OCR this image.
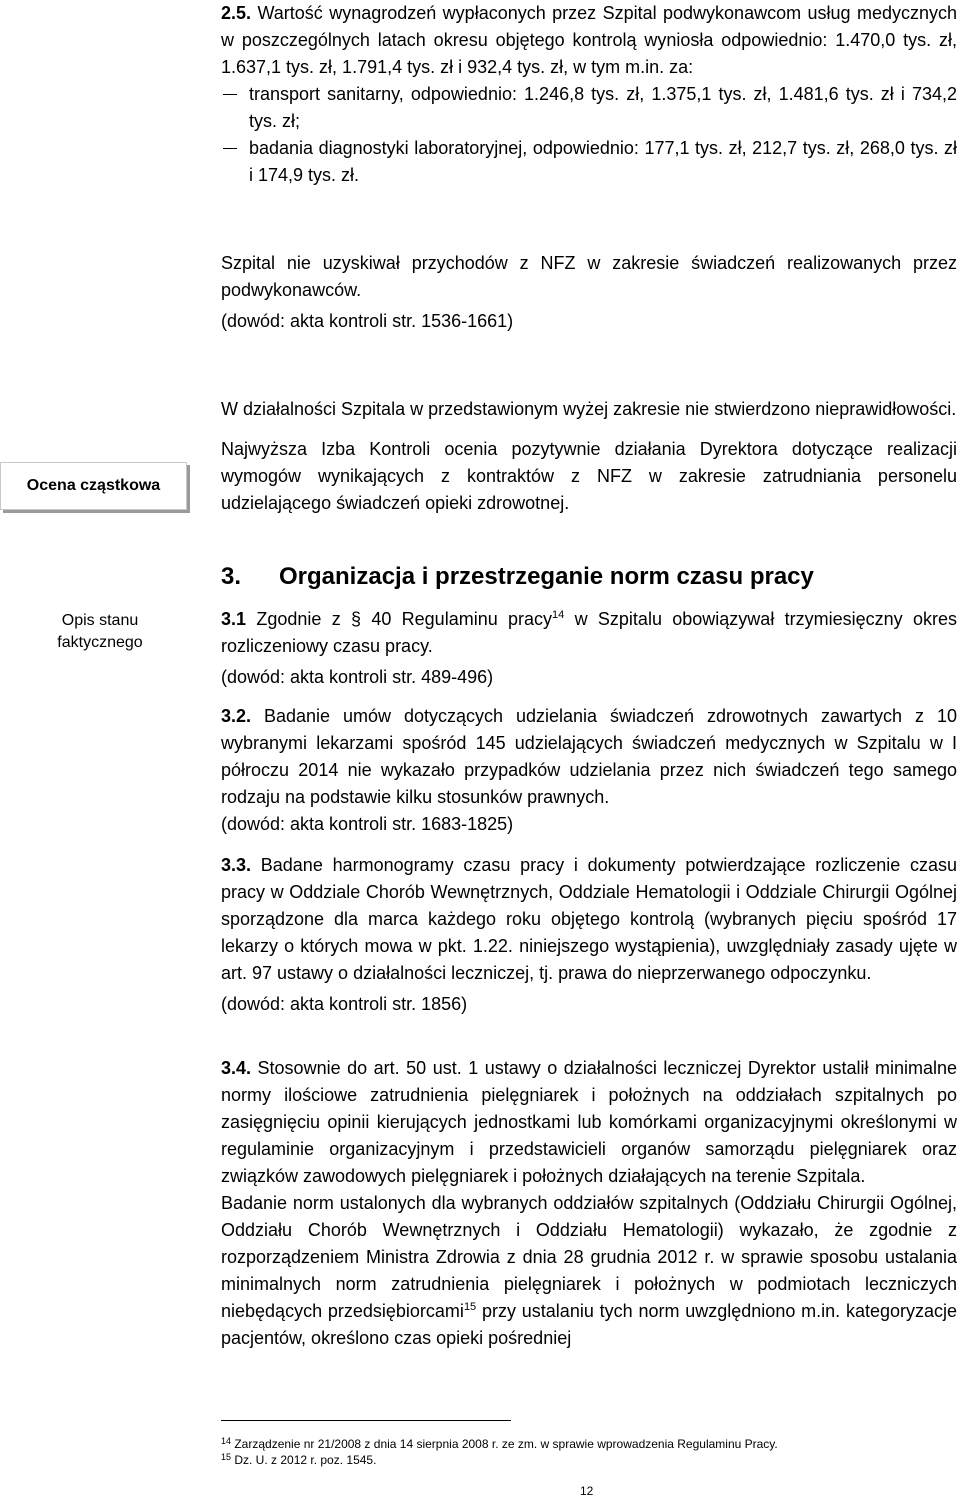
Ocena cząstkowa
Opis stanu
faktycznego

2.5. Wartość wynagrodzeń wypłaconych przez Szpital podwykonawcom usług medycznych w poszczególnych latach okresu objętego kontrolą wyniosła odpowiednio: 1.470,0 tys. zł, 1.637,1 tys. zł, 1.791,4 tys. zł i 932,4 tys. zł, w tym m.in. za:

transport sanitarny, odpowiednio: 1.246,8 tys. zł, 1.375,1 tys. zł, 1.481,6 tys. zł i 734,2 tys. zł;
badania diagnostyki laboratoryjnej, odpowiednio: 177,1 tys. zł, 212,7 tys. zł, 268,0 tys. zł i 174,9 tys. zł.

Szpital nie uzyskiwał przychodów z NFZ w zakresie świadczeń realizowanych przez podwykonawców.

(dowód: akta kontroli str. 1536-1661)

W działalności Szpitala w przedstawionym wyżej zakresie nie stwierdzono nieprawidłowości.

Najwyższa Izba Kontroli ocenia pozytywnie działania Dyrektora dotyczące realizacji wymogów wynikających z kontraktów z NFZ w zakresie zatrudniania personelu udzielającego świadczeń opieki zdrowotnej.

3. Organizacja i przestrzeganie norm czasu pracy

3.1 Zgodnie z § 40 Regulaminu pracy$^{14}$ w Szpitalu obowiązywał trzymiesięczny okres rozliczeniowy czasu pracy.

(dowód: akta kontroli str. 489-496)

3.2. Badanie umów dotyczących udzielania świadczeń zdrowotnych zawartych z 10 wybranymi lekarzami spośród 145 udzielających świadczeń medycznych w Szpitalu w I półroczu 2014 nie wykazało przypadków udzielania przez nich świadczeń tego samego rodzaju na podstawie kilku stosunków prawnych.

(dowód: akta kontroli str. 1683-1825)

3.3. Badane harmonogramy czasu pracy i dokumenty potwierdzające rozliczenie czasu pracy w Oddziale Chorób Wewnętrznych, Oddziale Hematologii i Oddziale Chirurgii Ogólnej sporządzone dla marca każdego roku objętego kontrolą (wybranych pięciu spośród 17 lekarzy o których mowa w pkt. 1.22. niniejszego wystąpienia), uwzględniały zasady ujęte w art. 97 ustawy o działalności leczniczej, tj. prawa do nieprzerwanego odpoczynku.

(dowód: akta kontroli str. 1856)

3.4. Stosownie do art. 50 ust. 1 ustawy o działalności leczniczej Dyrektor ustalił minimalne normy ilościowe zatrudnienia pielęgniarek i położnych na oddziałach szpitalnych po zasięgnięciu opinii kierujących jednostkami lub komórkami organizacyjnymi określonymi w regulaminie organizacyjnym i przedstawicieli organów samorządu pielęgniarek oraz związków zawodowych pielęgniarek i położnych działających na terenie Szpitala.

Badanie norm ustalonych dla wybranych oddziałów szpitalnych (Oddziału Chirurgii Ogólnej, Oddziału Chorób Wewnętrznych i Oddziału Hematologii) wykazało, że zgodnie z rozporządzeniem Ministra Zdrowia z dnia 28 grudnia 2012 r. w sprawie sposobu ustalania minimalnych norm zatrudnienia pielęgniarek i położnych w podmiotach leczniczych niebędących przedsiębiorcami$^{15}$ przy ustalaniu tych norm uwzględniono m.in. kategoryzacje pacjentów, określono czas opieki pośredniej

$^{14}$ Zarządzenie nr 21/2008 z dnia 14 sierpnia 2008 r. ze zm. w sprawie wprowadzenia Regulaminu Pracy.

$^{15}$ Dz. U. z 2012 r. poz. 1545.

12
